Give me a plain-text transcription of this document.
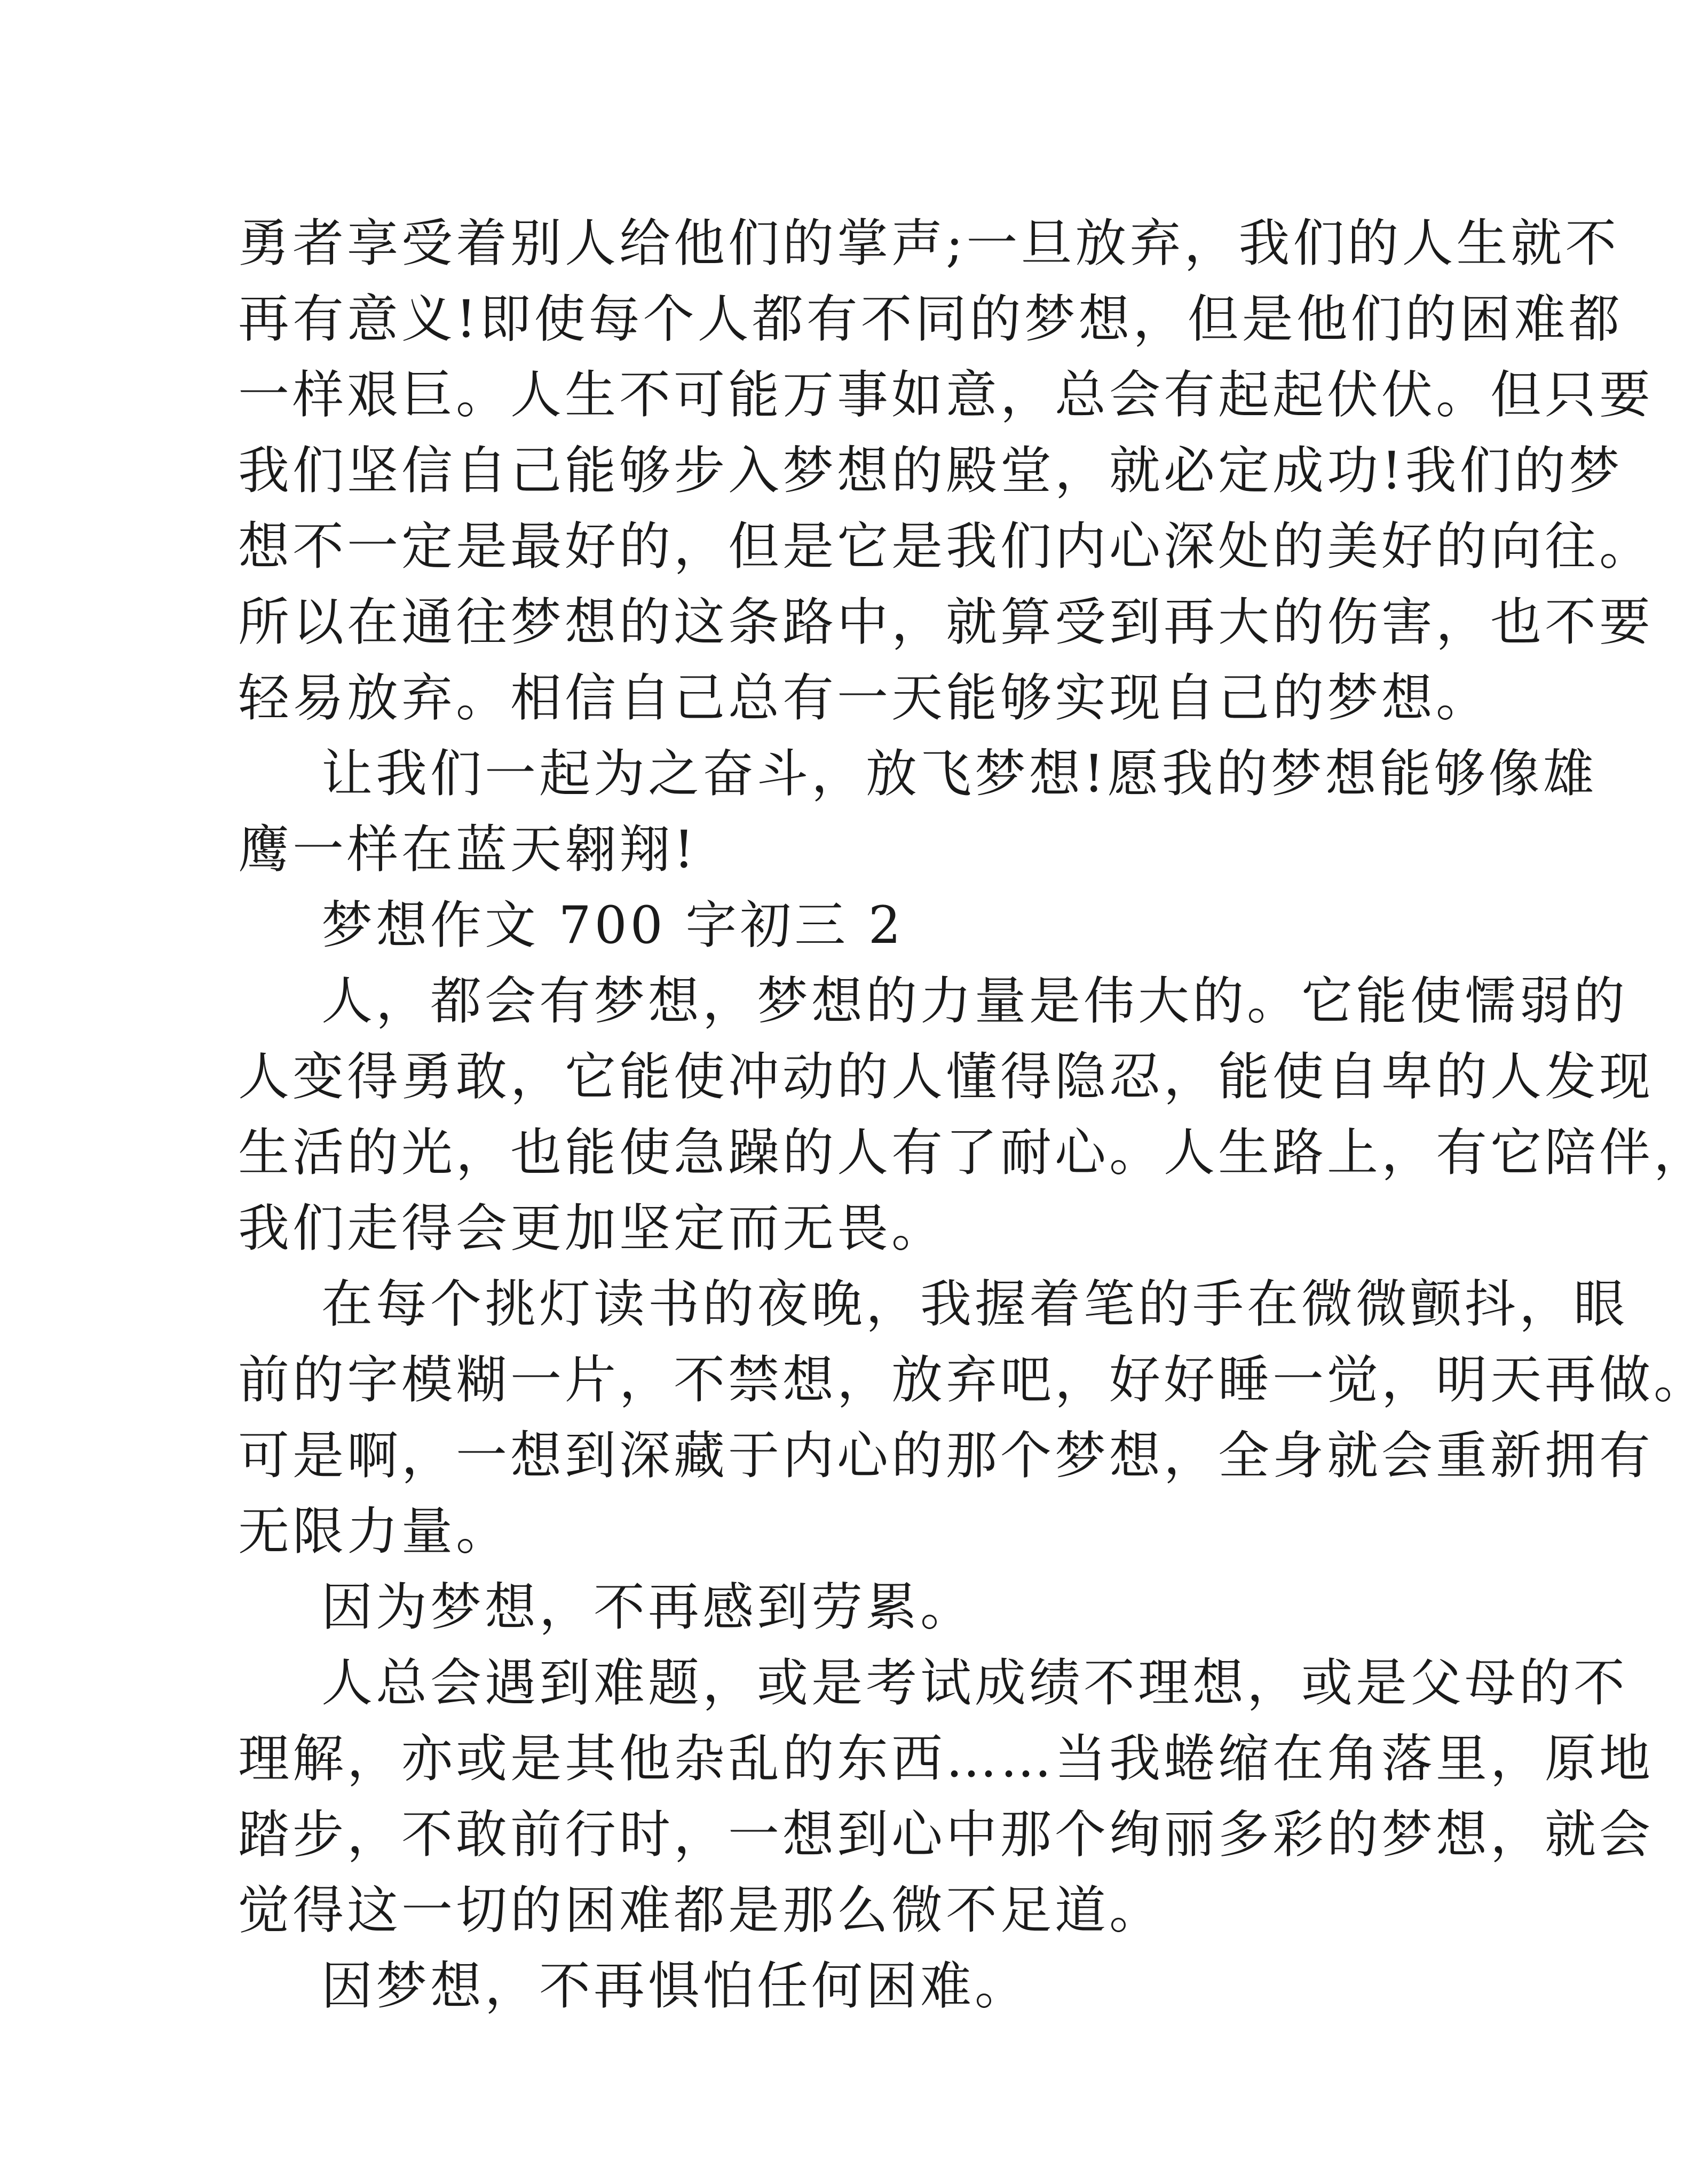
勇者享受着别人给他们的掌声;一旦放弃，我们的人生就不
再有意义!即使每个人都有不同的梦想，但是他们的困难都
一样艰巨。人生不可能万事如意，总会有起起伏伏。但只要
我们坚信自己能够步入梦想的殿堂，就必定成功!我们的梦
想不一定是最好的，但是它是我们内心深处的美好的向往。
所以在通往梦想的这条路中，就算受到再大的伤害，也不要
轻易放弃。相信自己总有一天能够实现自己的梦想。
让我们一起为之奋斗，放飞梦想!愿我的梦想能够像雄
鹰一样在蓝天翱翔!
梦想作文 700 字初三 2
人，都会有梦想，梦想的力量是伟大的。它能使懦弱的
人变得勇敢，它能使冲动的人懂得隐忍，能使自卑的人发现
生活的光，也能使急躁的人有了耐心。人生路上，有它陪伴，
我们走得会更加坚定而无畏。
在每个挑灯读书的夜晚，我握着笔的手在微微颤抖，眼
前的字模糊一片，不禁想，放弃吧，好好睡一觉，明天再做。
可是啊，一想到深藏于内心的那个梦想，全身就会重新拥有
无限力量。
因为梦想，不再感到劳累。
人总会遇到难题，或是考试成绩不理想，或是父母的不
理解，亦或是其他杂乱的东西……当我蜷缩在角落里，原地
踏步，不敢前行时，一想到心中那个绚丽多彩的梦想，就会
觉得这一切的困难都是那么微不足道。
因梦想，不再惧怕任何困难。
